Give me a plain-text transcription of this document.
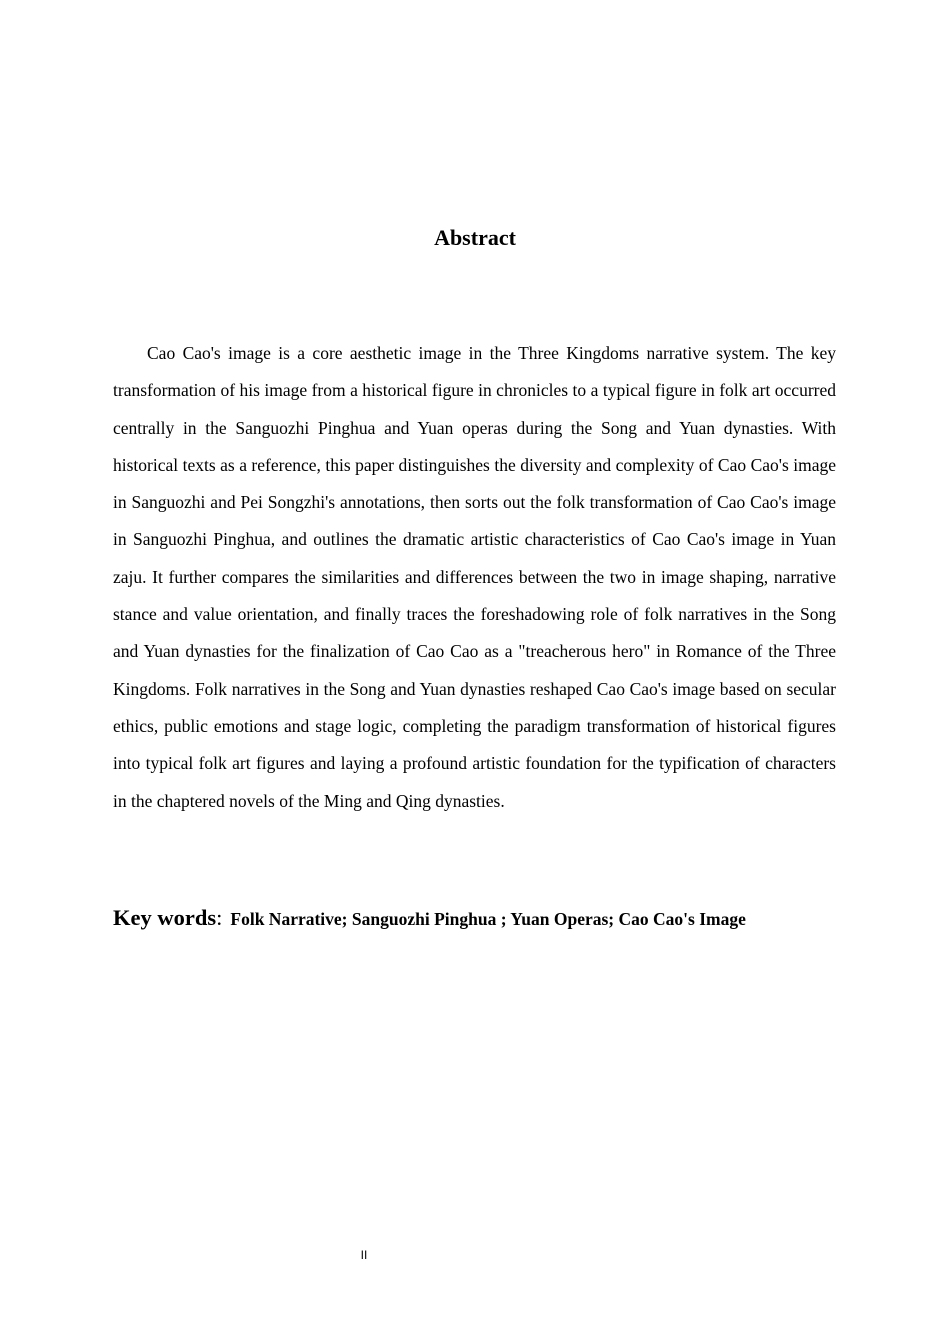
Abstract

Cao Cao's image is a core aesthetic image in the Three Kingdoms narrative system. The key transformation of his image from a historical figure in chronicles to a typical figure in folk art occurred centrally in the Sanguozhi Pinghua and Yuan operas during the Song and Yuan dynasties. With historical texts as a reference, this paper distinguishes the diversity and complexity of Cao Cao's image in Sanguozhi and Pei Songzhi's annotations, then sorts out the folk transformation of Cao Cao's image in Sanguozhi Pinghua, and outlines the dramatic artistic characteristics of Cao Cao's image in Yuan zaju. It further compares the similarities and differences between the two in image shaping, narrative stance and value orientation, and finally traces the foreshadowing role of folk narratives in the Song and Yuan dynasties for the finalization of Cao Cao as a "treacherous hero" in Romance of the Three Kingdoms. Folk narratives in the Song and Yuan dynasties reshaped Cao Cao's image based on secular ethics, public emotions and stage logic, completing the paradigm transformation of historical figures into typical folk art figures and laying a profound artistic foundation for the typification of characters in the chaptered novels of the Ming and Qing dynasties.

Key words: Folk Narrative; Sanguozhi Pinghua ; Yuan Operas; Cao Cao's Image
II
